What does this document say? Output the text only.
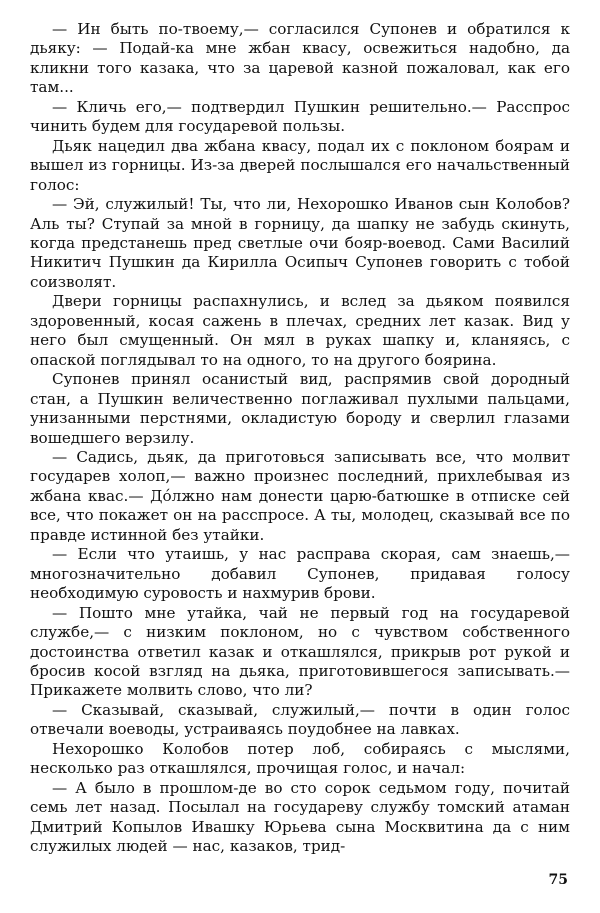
— Ин быть по-твоему,— согласился Супонев и обратился к дьяку: — Подай-ка мне жбан квасу, освежиться надобно, да кликни того казака, что за царевой казной пожаловал, как его там...

— Кличь его,— подтвердил Пушкин решительно.— Расспрос чинить будем для государевой пользы.

Дьяк нацедил два жбана квасу, подал их с поклоном боярам и вышел из горницы. Из-за дверей послышался его начальственный голос:

— Эй, служилый! Ты, что ли, Нехорошко Иванов сын Колобов? Аль ты? Ступай за мной в горницу, да шапку не забудь скинуть, когда предстанешь пред светлые очи бояр-воевод. Сами Василий Никитич Пушкин да Кирилла Осипыч Супонев говорить с тобой соизволят.

Двери горницы распахнулись, и вслед за дьяком появился здоровенный, косая сажень в плечах, средних лет казак. Вид у него был смущенный. Он мял в руках шапку и, кланяясь, с опаской поглядывал то на одного, то на другого боярина.

Супонев принял осанистый вид, распрямив свой дородный стан, а Пушкин величественно поглаживал пухлыми пальцами, унизанными перстнями, окладистую бороду и сверлил глазами вошедшего верзилу.

— Садись, дьяк, да приготовься записывать все, что молвит государев холоп,— важно произнес последний, прихлебывая из жбана квас.— До́лжно нам донести царю-батюшке в отписке сей все, что покажет он на расспросе. А ты, молодец, сказывай все по правде истинной без утайки.

— Если что утаишь, у нас расправа скорая, сам знаешь,— многозначительно добавил Супонев, придавая голосу необходимую суровость и нахмурив брови.

— Пошто мне утайка, чай не первый год на государевой службе,— с низким поклоном, но с чувством собственного достоинства ответил казак и откашлялся, прикрыв рот рукой и бросив косой взгляд на дьяка, приготовившегося записывать.— Прикажете молвить слово, что ли?

— Сказывай, сказывай, служилый,— почти в один голос отвечали воеводы, устраиваясь поудобнее на лавках.

Нехорошко Колобов потер лоб, собираясь с мыслями, несколько раз откашлялся, прочищая голос, и начал:

— А было в прошлом-де во сто сорок седьмом году, почитай семь лет назад. Посылал на государеву службу томский атаман Дмитрий Копылов Ивашку Юрьева сына Москвитина да с ним служилых людей — нас, казаков, трид-

75
